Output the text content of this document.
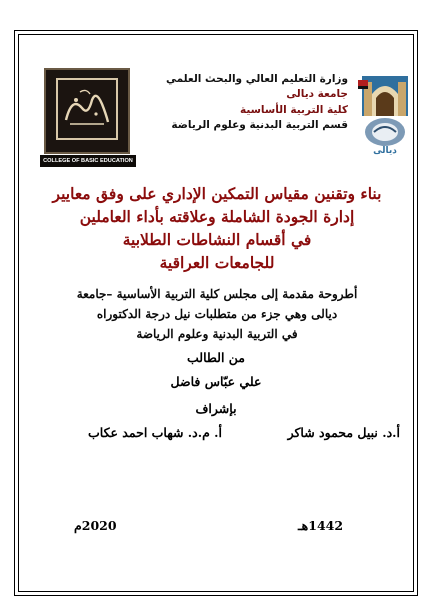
COLLEGE OF BASIC EDUCATION
ديالى
وزارة التعليم العالي والبحث العلمي
جامعة ديالى
كلية التربية الأساسية
قسم التربية البدنية وعلوم الرياضة
بناء وتقنين مقياس التمكين الإداري على وفق معايير
إدارة الجودة الشاملة وعلاقته بأداء العاملين
في أقسام النشاطات الطلابية
للجامعات العراقية
أطروحة مقدمة إلى مجلس كلية التربية الأساسية –جامعة
ديالى وهي جزء من متطلبات نيل درجة الدكتوراه
في التربية البدنية وعلوم الرياضة
من الطالب
علي عبّاس فاضل
بإشراف
أ.د. نبيل محمود شاكر
أ. م.د. شهاب احمد عكاب
1442هـ
2020م
